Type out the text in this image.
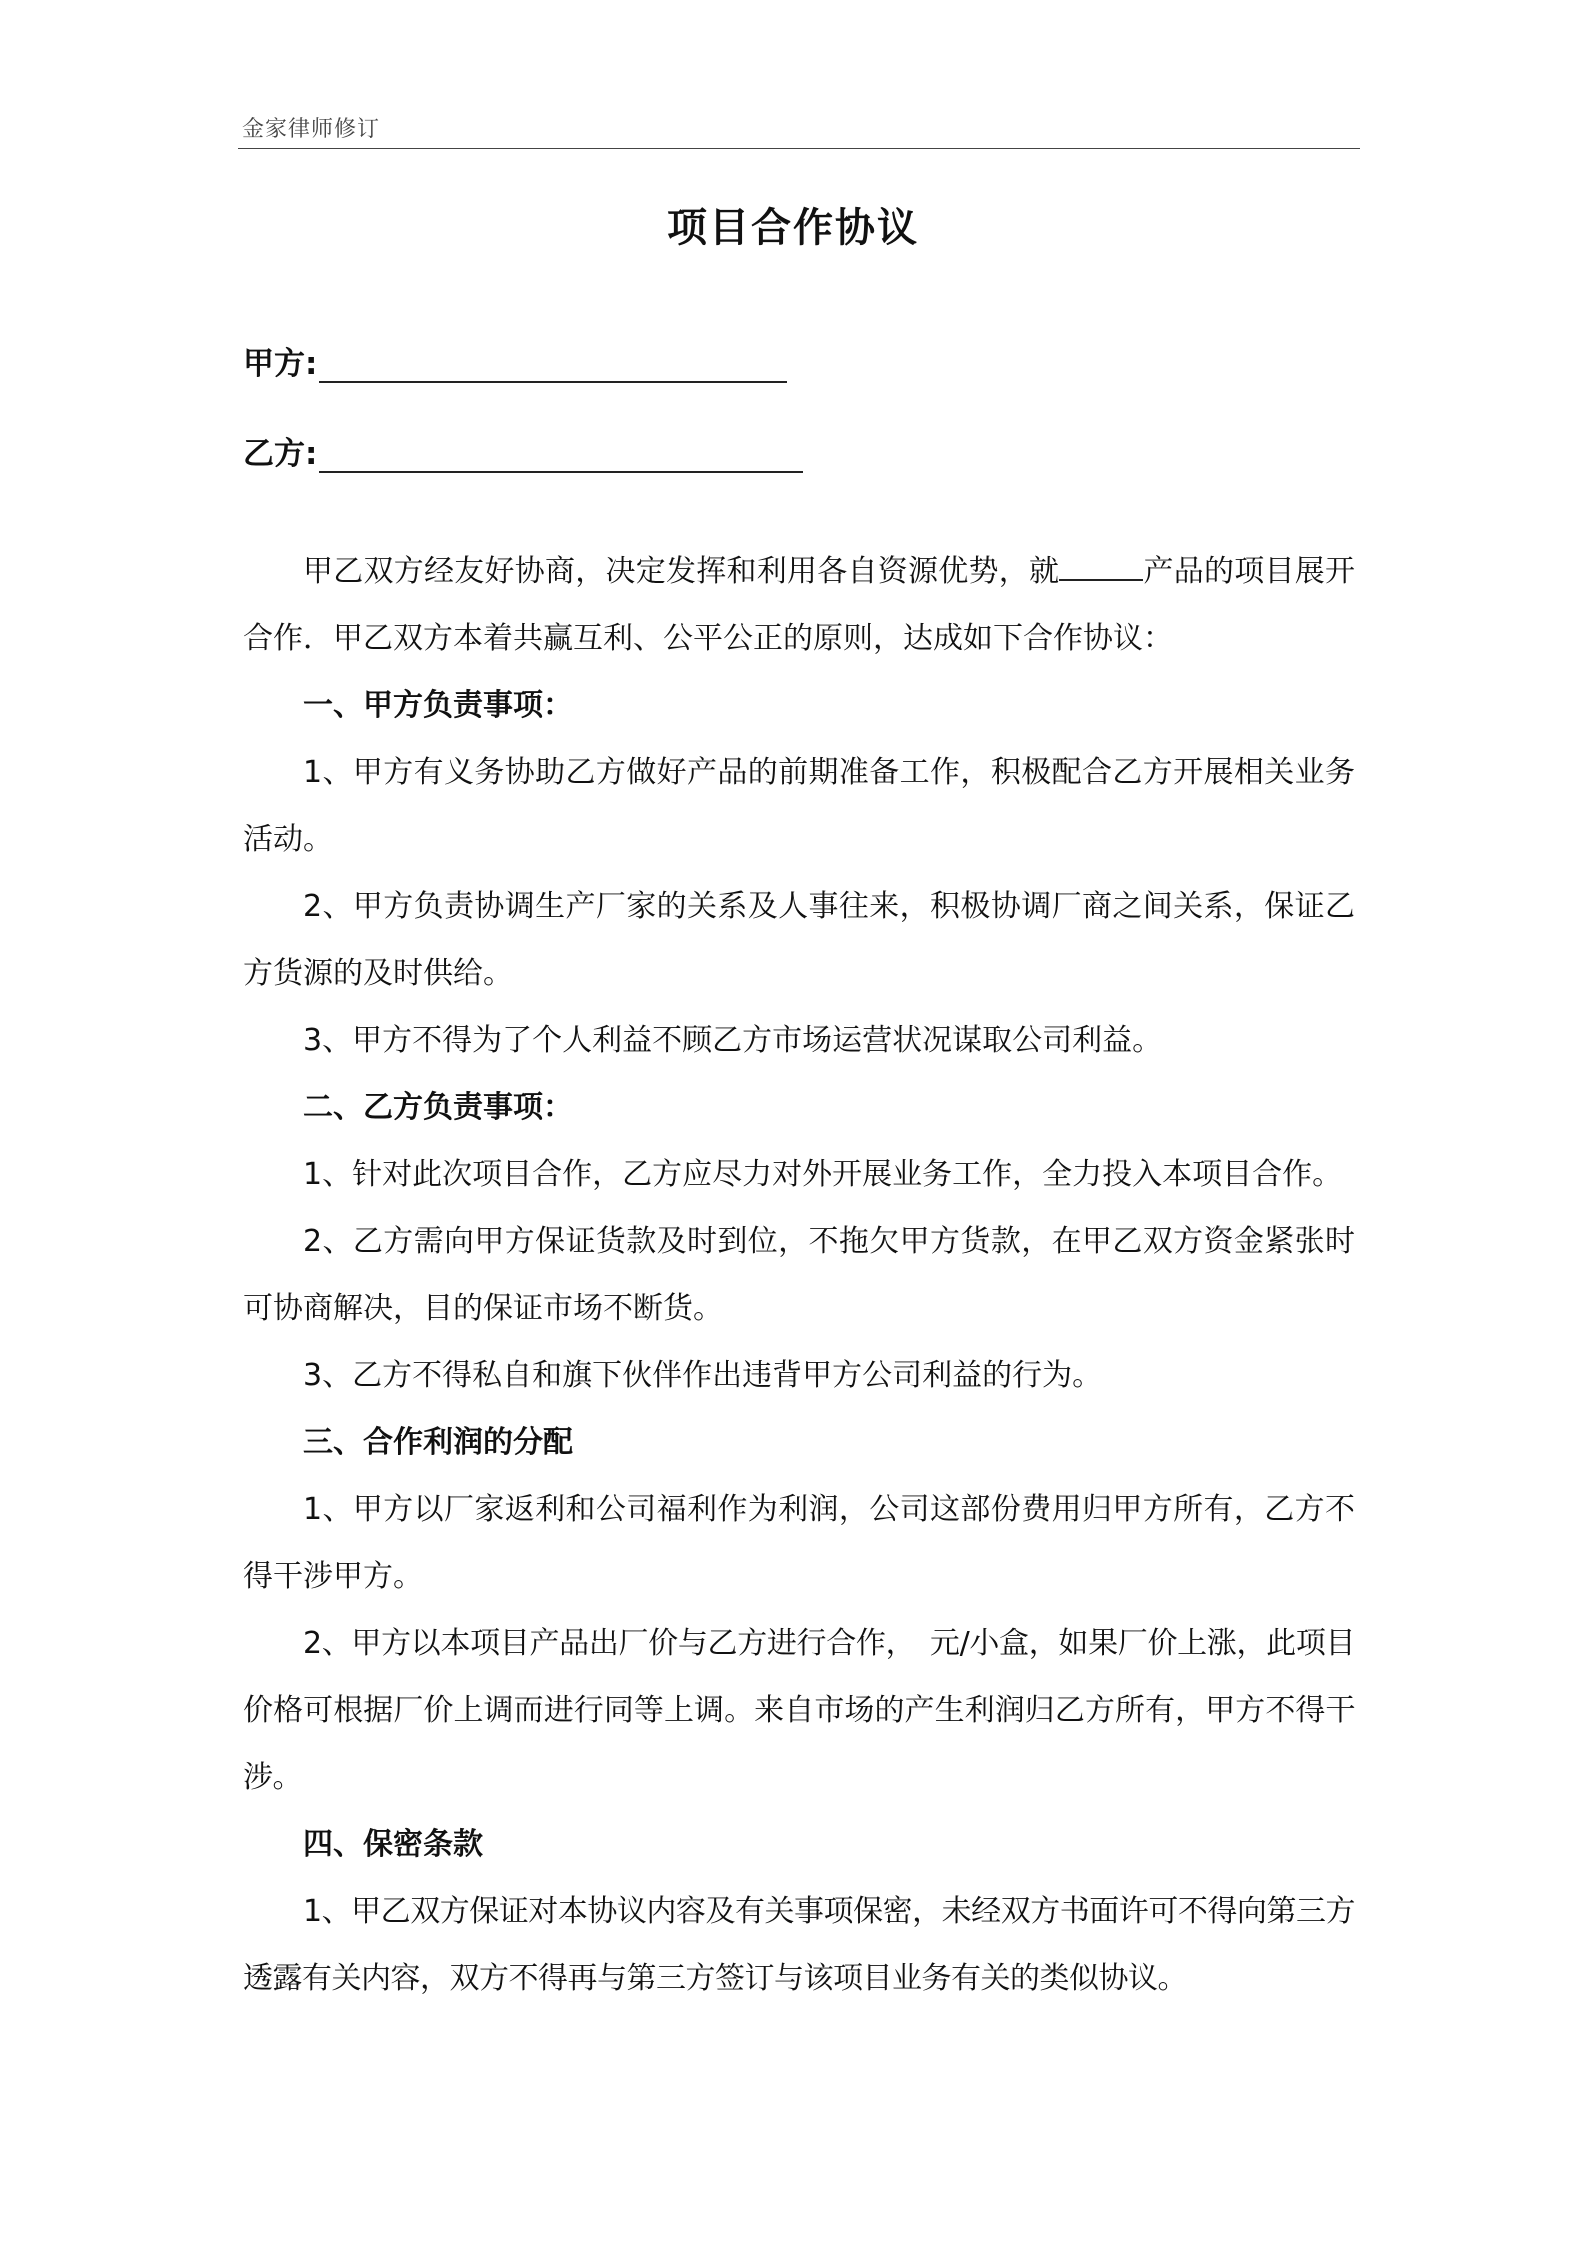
金家律师修订
项目合作协议
甲方:
乙方:

甲乙双方经友好协商，决定发挥和利用各自资源优势，就	产品的项目展开合作．甲乙双方本着共赢互利、公平公正的原则，达成如下合作协议：

一、甲方负责事项：

1、甲方有义务协助乙方做好产品的前期准备工作，积极配合乙方开展相关业务活动。

2、甲方负责协调生产厂家的关系及人事往来，积极协调厂商之间关系，保证乙方货源的及时供给。

3、甲方不得为了个人利益不顾乙方市场运营状况谋取公司利益。

二、乙方负责事项：

1、针对此次项目合作，乙方应尽力对外开展业务工作，全力投入本项目合作。

2、乙方需向甲方保证货款及时到位，不拖欠甲方货款，在甲乙双方资金紧张时可协商解决，目的保证市场不断货。

3、乙方不得私自和旗下伙伴作出违背甲方公司利益的行为。

三、合作利润的分配

1、甲方以厂家返利和公司福利作为利润，公司这部份费用归甲方所有，乙方不得干涉甲方。

2、甲方以本项目产品出厂价与乙方进行合作，　元/小盒，如果厂价上涨，此项目价格可根据厂价上调而进行同等上调。来自市场的产生利润归乙方所有，甲方不得干涉。

四、保密条款

1、甲乙双方保证对本协议内容及有关事项保密，未经双方书面许可不得向第三方透露有关内容，双方不得再与第三方签订与该项目业务有关的类似协议。
